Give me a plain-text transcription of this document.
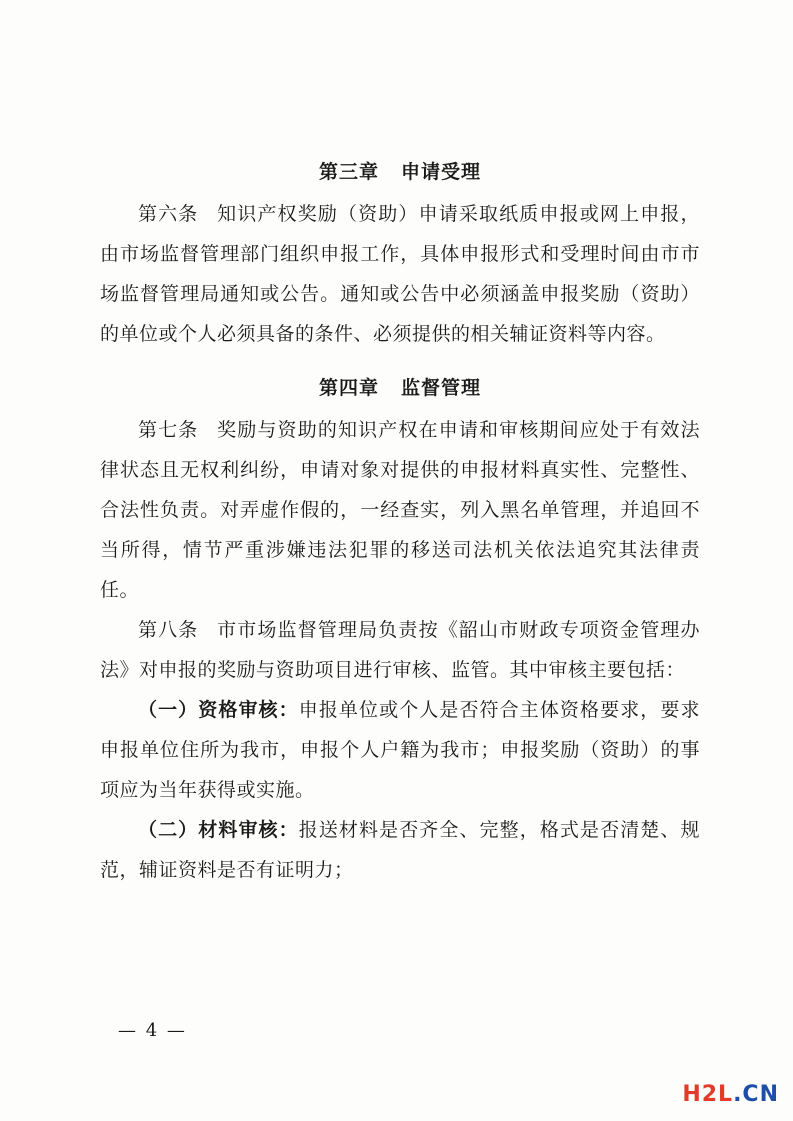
第三章 申请受理

第六条 知识产权奖励（资助）申请采取纸质申报或网上申报，由市场监督管理部门组织申报工作，具体申报形式和受理时间由市市场监督管理局通知或公告。通知或公告中必须涵盖申报奖励（资助）的单位或个人必须具备的条件、必须提供的相关辅证资料等内容。

第四章 监督管理

第七条 奖励与资助的知识产权在申请和审核期间应处于有效法律状态且无权利纠纷，申请对象对提供的申报材料真实性、完整性、合法性负责。对弄虚作假的，一经查实，列入黑名单管理，并追回不当所得，情节严重涉嫌违法犯罪的移送司法机关依法追究其法律责任。

第八条 市市场监督管理局负责按《韶山市财政专项资金管理办法》对申报的奖励与资助项目进行审核、监管。其中审核主要包括：

（一）资格审核：申报单位或个人是否符合主体资格要求，要求申报单位住所为我市，申报个人户籍为我市；申报奖励（资助）的事项应为当年获得或实施。

（二）材料审核：报送材料是否齐全、完整，格式是否清楚、规范，辅证资料是否有证明力；

— 4 —
H2L.CN
